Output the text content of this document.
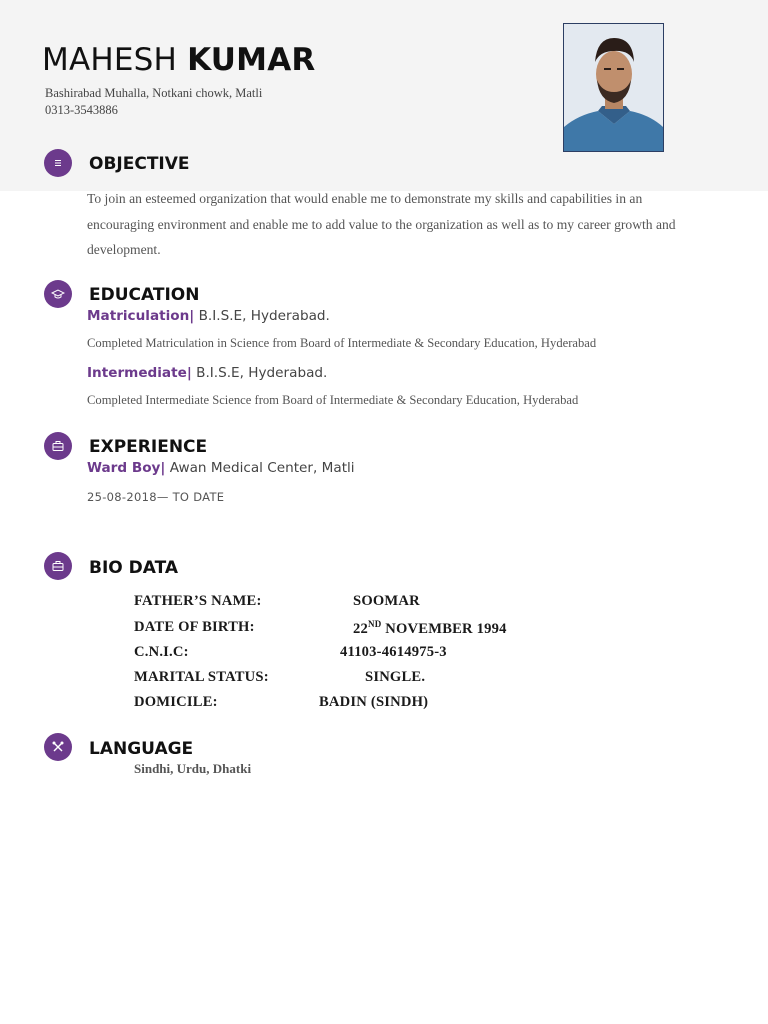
MAHESH KUMAR
Bashirabad Muhalla, Notkani chowk, Matli
0313-3543886
OBJECTIVE
To join an esteemed organization that would enable me to demonstrate my skills and capabilities in an encouraging environment and enable me to add value to the organization as well as to my career growth and development.
EDUCATION
Matriculation| B.I.S.E, Hyderabad.
Completed Matriculation in Science from Board of Intermediate & Secondary Education, Hyderabad
Intermediate| B.I.S.E, Hyderabad.
Completed Intermediate Science from Board of Intermediate & Secondary Education, Hyderabad
EXPERIENCE
Ward Boy| Awan Medical Center, Matli
25-08-2018— TO DATE
BIO DATA
FATHER’S NAME:	SOOMAR
DATE OF BIRTH:	22ND NOVEMBER 1994
C.N.I.C:	41103-4614975-3
MARITAL STATUS:	SINGLE.
DOMICILE:	BADIN (SINDH)
LANGUAGE
Sindhi, Urdu, Dhatki
